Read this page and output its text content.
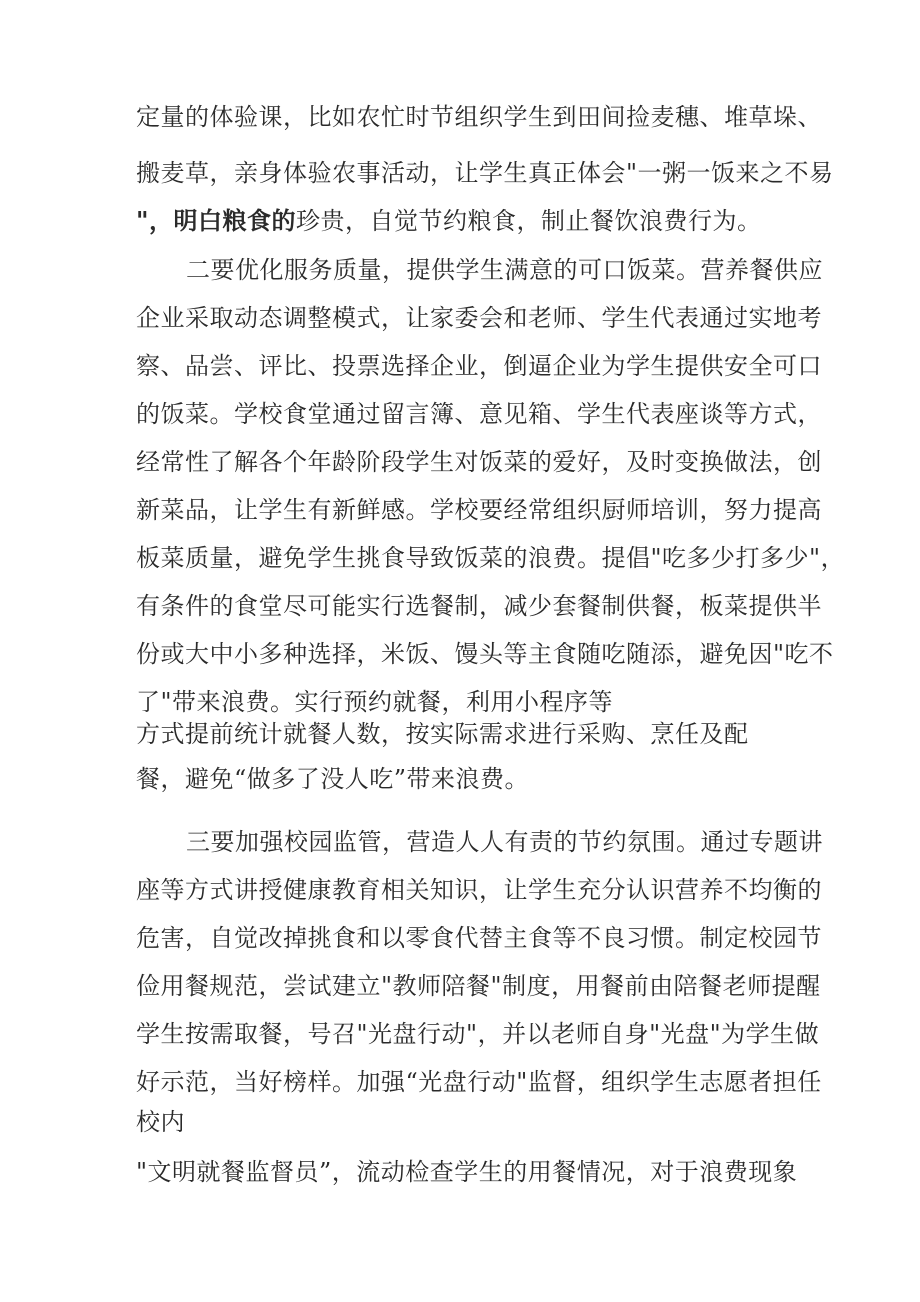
定量的体验课，比如农忙时节组织学生到田间捡麦穗、堆草垛、
搬麦草，亲身体验农事活动，让学生真正体会"一粥一饭来之不易
"，明白粮食的珍贵，自觉节约粮食，制止餐饮浪费行为。
二要优化服务质量，提供学生满意的可口饭菜。营养餐供应
企业采取动态调整模式，让家委会和老师、学生代表通过实地考
察、品尝、评比、投票选择企业，倒逼企业为学生提供安全可口
的饭菜。学校食堂通过留言簿、意见箱、学生代表座谈等方式，
经常性了解各个年龄阶段学生对饭菜的爱好，及时变换做法，创
新菜品，让学生有新鲜感。学校要经常组织厨师培训，努力提高
板菜质量，避免学生挑食导致饭菜的浪费。提倡"吃多少打多少"，
有条件的食堂尽可能实行选餐制，减少套餐制供餐，板菜提供半
份或大中小多种选择，米饭、馒头等主食随吃随添，避免因"吃不
了"带来浪费。实行预约就餐，利用小程序等
方式提前统计就餐人数，按实际需求进行采购、烹任及配
餐，避免“做多了没人吃”带来浪费。
三要加强校园监管，营造人人有责的节约氛围。通过专题讲
座等方式讲授健康教育相关知识，让学生充分认识营养不均衡的
危害，自觉改掉挑食和以零食代替主食等不良习惯。制定校园节
俭用餐规范，尝试建立"教师陪餐"制度，用餐前由陪餐老师提醒
学生按需取餐，号召"光盘行动"，并以老师自身"光盘"为学生做
好示范，当好榜样。加强“光盘行动"监督，组织学生志愿者担任
校内
"文明就餐监督员”，流动检查学生的用餐情况，对于浪费现象
